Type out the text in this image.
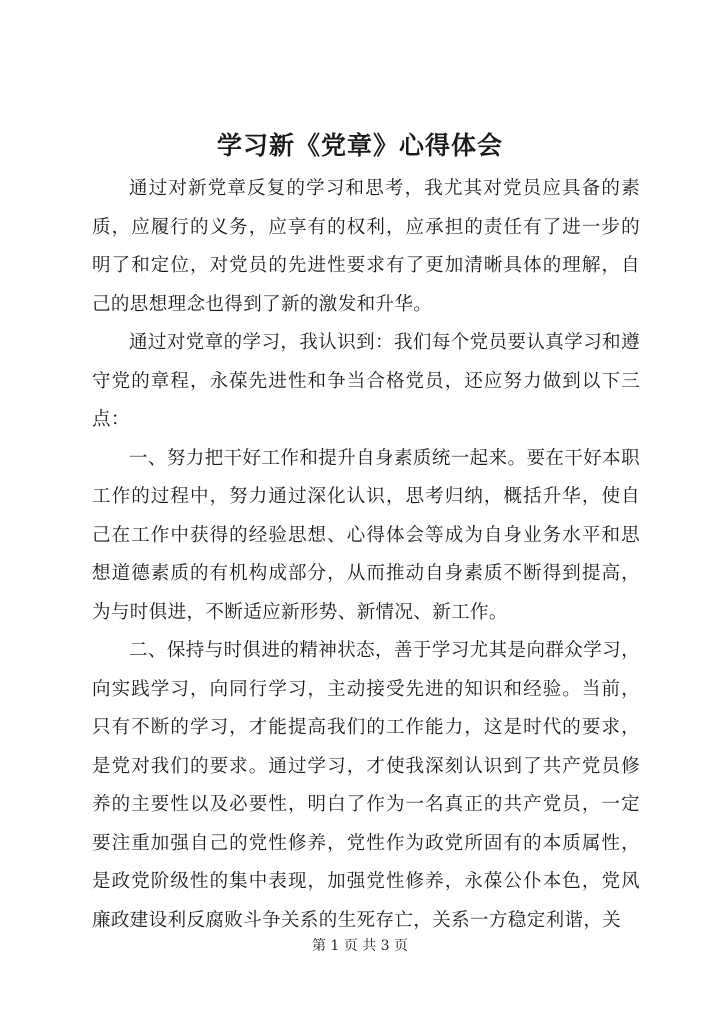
学习新《党章》心得体会

通过对新党章反复的学习和思考，我尤其对党员应具备的素质，应履行的义务，应享有的权利，应承担的责任有了进一步的明了和定位，对党员的先进性要求有了更加清晰具体的理解，自己的思想理念也得到了新的激发和升华。

通过对党章的学习，我认识到：我们每个党员要认真学习和遵守党的章程，永葆先进性和争当合格党员，还应努力做到以下三点：

一、努力把干好工作和提升自身素质统一起来。要在干好本职工作的过程中，努力通过深化认识，思考归纳，概括升华，使自己在工作中获得的经验思想、心得体会等成为自身业务水平和思想道德素质的有机构成部分，从而推动自身素质不断得到提高，为与时俱进，不断适应新形势、新情况、新工作。

二、保持与时俱进的精神状态，善于学习尤其是向群众学习，向实践学习，向同行学习，主动接受先进的知识和经验。当前，只有不断的学习，才能提高我们的工作能力，这是时代的要求，是党对我们的要求。通过学习，才使我深刻认识到了共产党员修养的主要性以及必要性，明白了作为一名真正的共产党员，一定要注重加强自己的党性修养，党性作为政党所固有的本质属性，是政党阶级性的集中表现，加强党性修养，永葆公仆本色，党风廉政建设利反腐败斗争关系的生死存亡，关系一方稳定利谐，关

第 1 页 共 3 页
